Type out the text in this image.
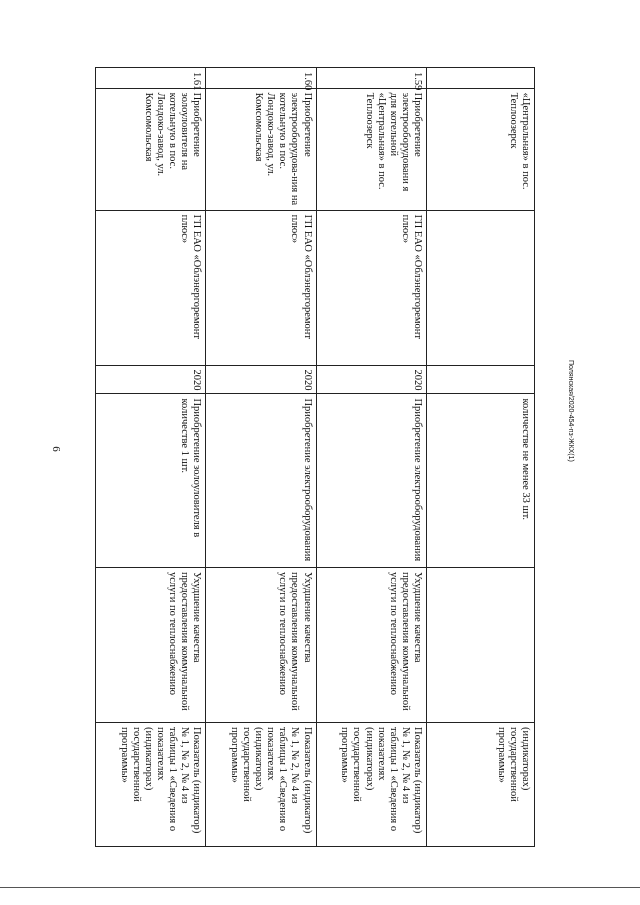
6	Полянская/2020-454-пз-ЖКХ(1)
	«Центральная» в пос. Теплоозерск			количестве не менее 33 шт.		(индикаторах) государственной программы»
1.59	Приобретение электрооборудовани я для котельной «Центральная» в пос. Теплоозерск	ГП ЕАО «Облэнергоремонт плюс»	2020	Приобретение электрооборудования	Ухудшение качества предоставления коммунальной услуги по теплоснабжению	Показатель (индикатор) № 1, № 2, № 4 из таблицы 1 «Сведения о показателях (индикаторах) государственной программы»
1.60	Приобретение электрооборудова-ния на котельную в пос. Лондоко-завод, ул. Комсомольская	ГП ЕАО «Облэнергоремонт плюс»	2020	Приобретение электрооборудования	Ухудшение качества предоставления коммунальной услуги по теплоснабжению	Показатель (индикатор) № 1, № 2, № 4 из таблицы 1 «Сведения о показателях (индикаторах) государственной программы»
1.61	Приобретение золоуловителя на котельную в пос. Лондоко-завод, ул. Комсомольская	ГП ЕАО «Облэнергоремонт плюс»	2020	Приобретение золоуловителя в количестве 1 шт.	Ухудшение качества предоставления коммунальной услуги по теплоснабжению	Показатель (индикатор) № 1, № 2, № 4 из таблицы 1 «Сведения о показателях (индикаторах) государственной программы»
